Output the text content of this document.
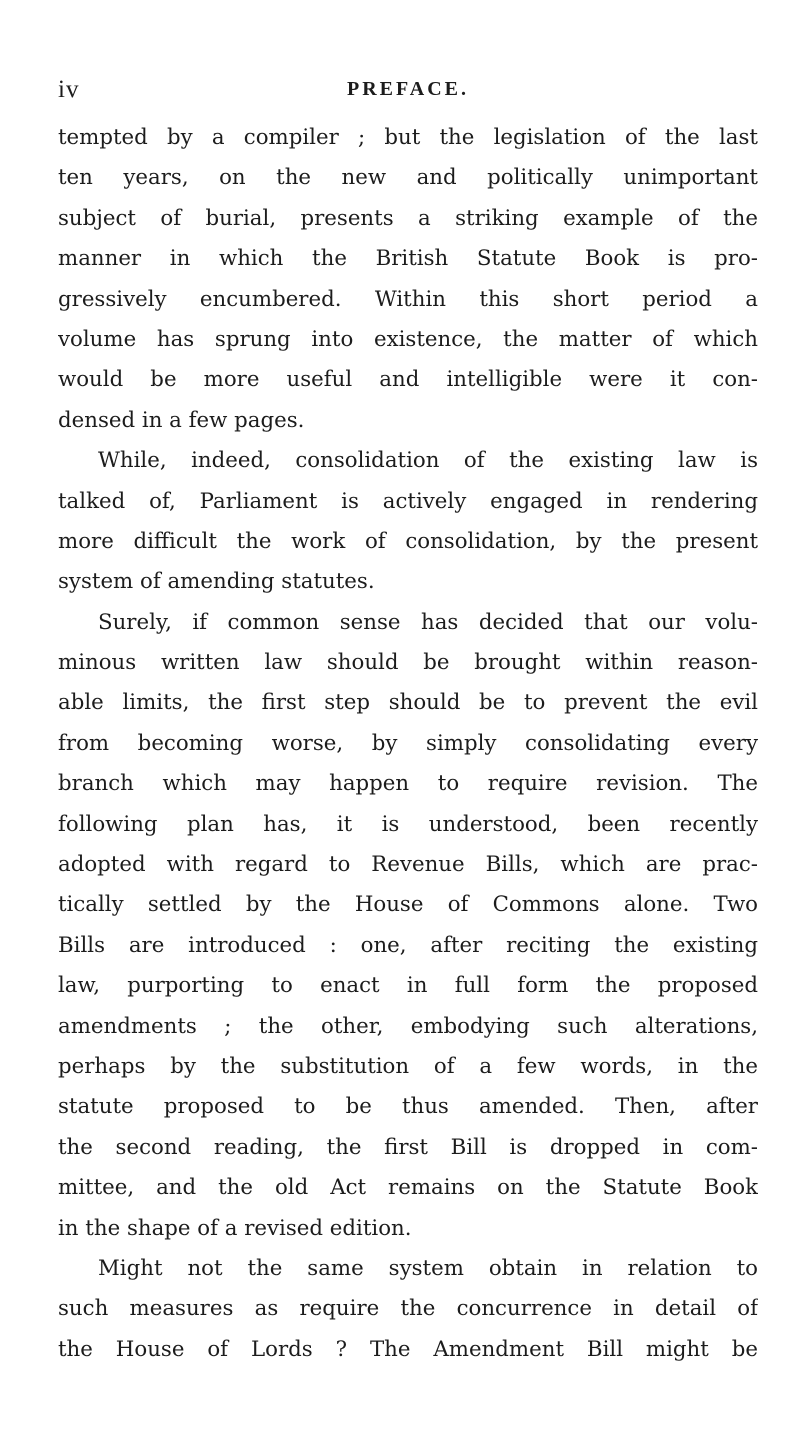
iv	PREFACE.
tempted by a compiler ; but the legislation of the last
ten years, on the new and politically unimportant
subject of burial, presents a striking example of the
manner in which the British Statute Book is pro-
gressively encumbered. Within this short period a
volume has sprung into existence, the matter of which
would be more useful and intelligible were it con-
densed in a few pages.
While, indeed, consolidation of the existing law is
talked of, Parliament is actively engaged in rendering
more difficult the work of consolidation, by the present
system of amending statutes.
Surely, if common sense has decided that our volu-
minous written law should be brought within reason-
able limits, the first step should be to prevent the evil
from becoming worse, by simply consolidating every
branch which may happen to require revision. The
following plan has, it is understood, been recently
adopted with regard to Revenue Bills, which are prac-
tically settled by the House of Commons alone. Two
Bills are introduced : one, after reciting the existing
law, purporting to enact in full form the proposed
amendments ; the other, embodying such alterations,
perhaps by the substitution of a few words, in the
statute proposed to be thus amended. Then, after
the second reading, the first Bill is dropped in com-
mittee, and the old Act remains on the Statute Book
in the shape of a revised edition.
Might not the same system obtain in relation to
such measures as require the concurrence in detail of
the House of Lords ? The Amendment Bill might be
